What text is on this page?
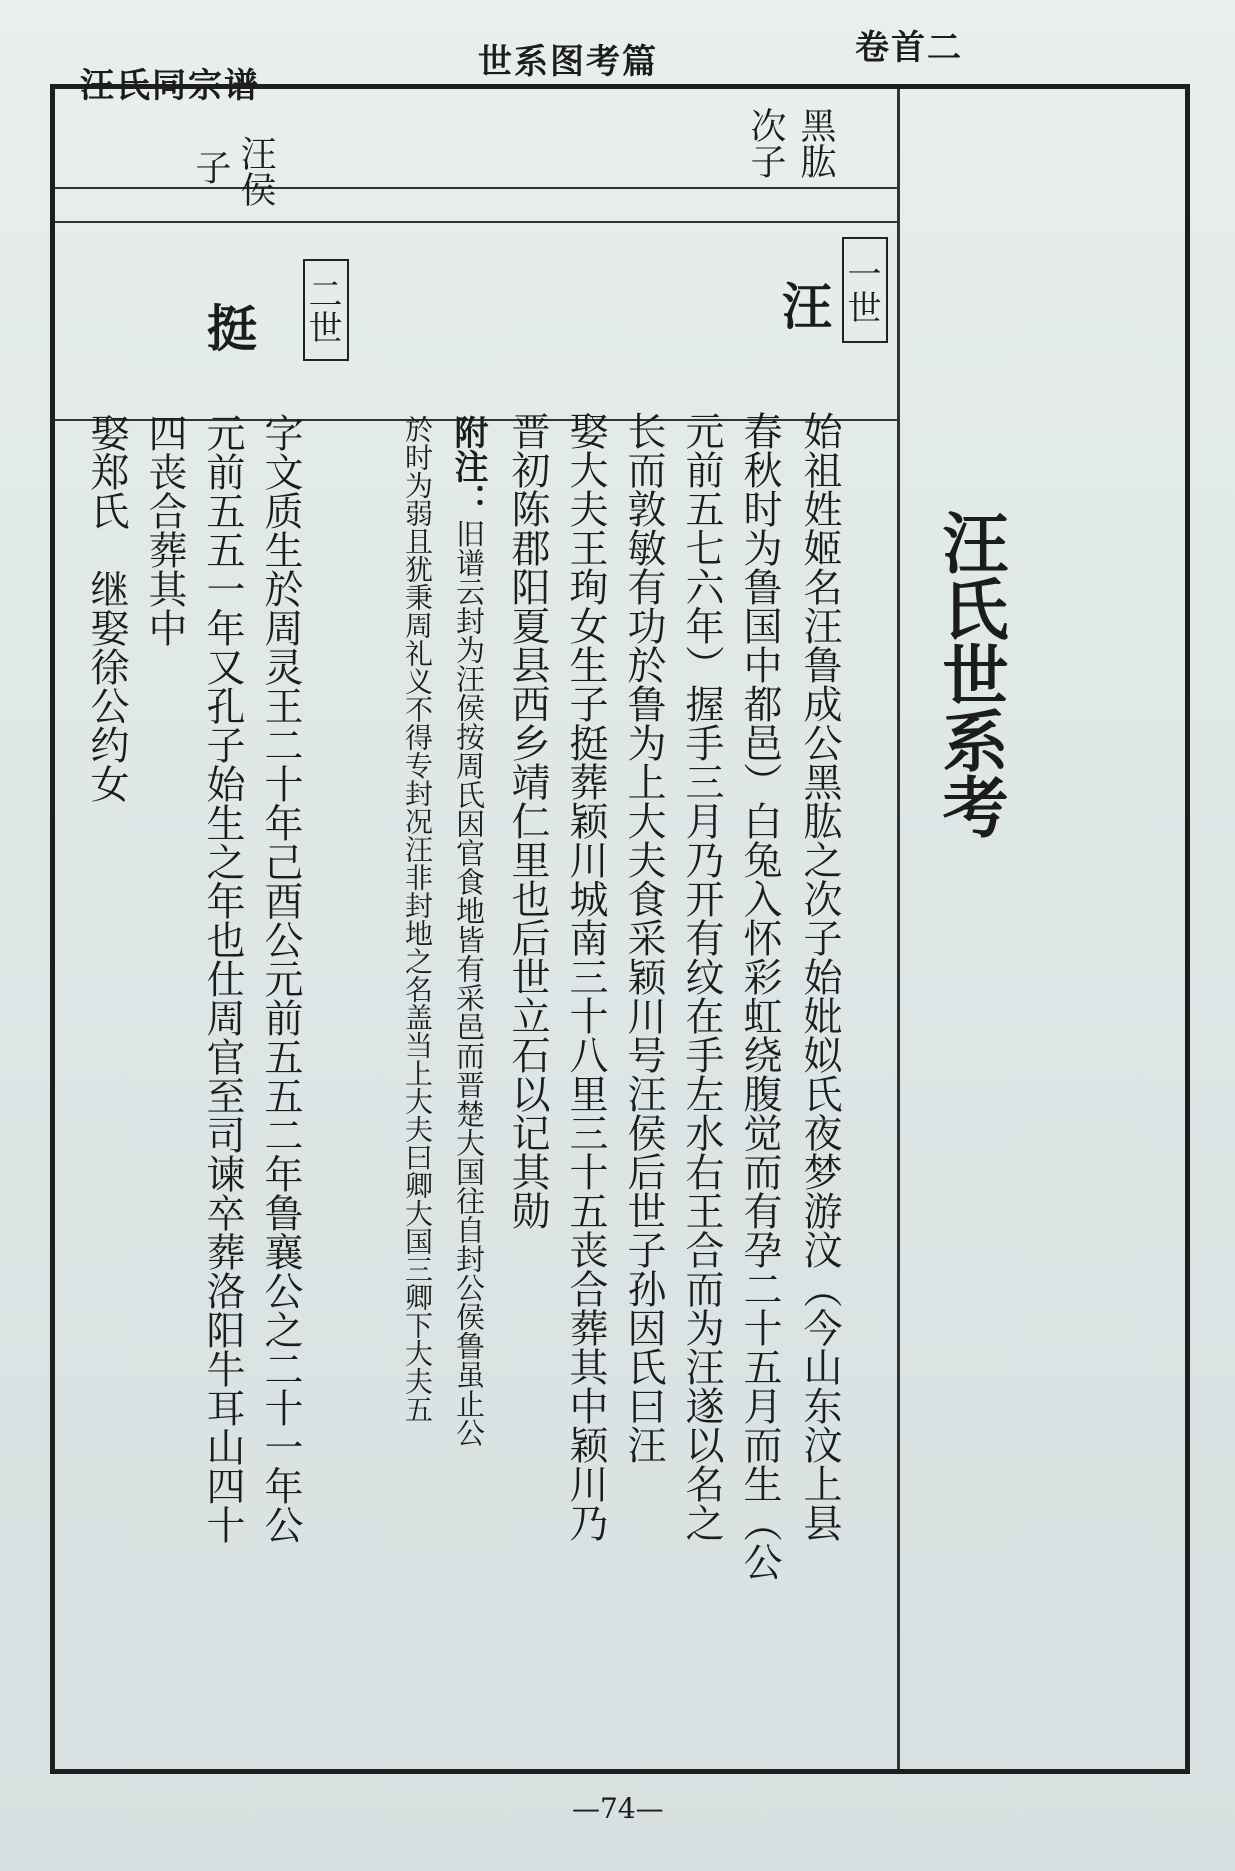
汪氏同宗谱
世系图考篇	卷首二
汪氏世系考
黑肱
次子
汪侯
子
一世
汪
二世
挺
始祖姓姬名汪鲁成公黑肱之次子始妣姒氏夜梦游汶（今山东汶上县
春秋时为鲁国中都邑）白兔入怀彩虹绕腹觉而有孕二十五月而生（公
元前五七六年）握手三月乃开有纹在手左水右王合而为汪遂以名之
长而敦敏有功於鲁为上大夫食采颖川号汪侯后世子孙因氏曰汪
娶大夫王珣女生子挺葬颖川城南三十八里三十五丧合葬其中颖川乃
晋初陈郡阳夏县西乡靖仁里也后世立石以记其勋
附注：
旧谱云封为汪侯按周氏因官食地皆有采邑而晋楚大国往自封公侯鲁虽止公
於时为弱且犹秉周礼义不得专封况汪非封地之名盖当上大夫曰卿大国三卿下大夫五
字文质生於周灵王二十年己酉公元前五五二年鲁襄公之二十一年公
元前五五一年又孔子始生之年也仕周官至司谏卒葬洛阳牛耳山四十
四丧合葬其中
娶郑氏　继娶徐公约女
—74—
